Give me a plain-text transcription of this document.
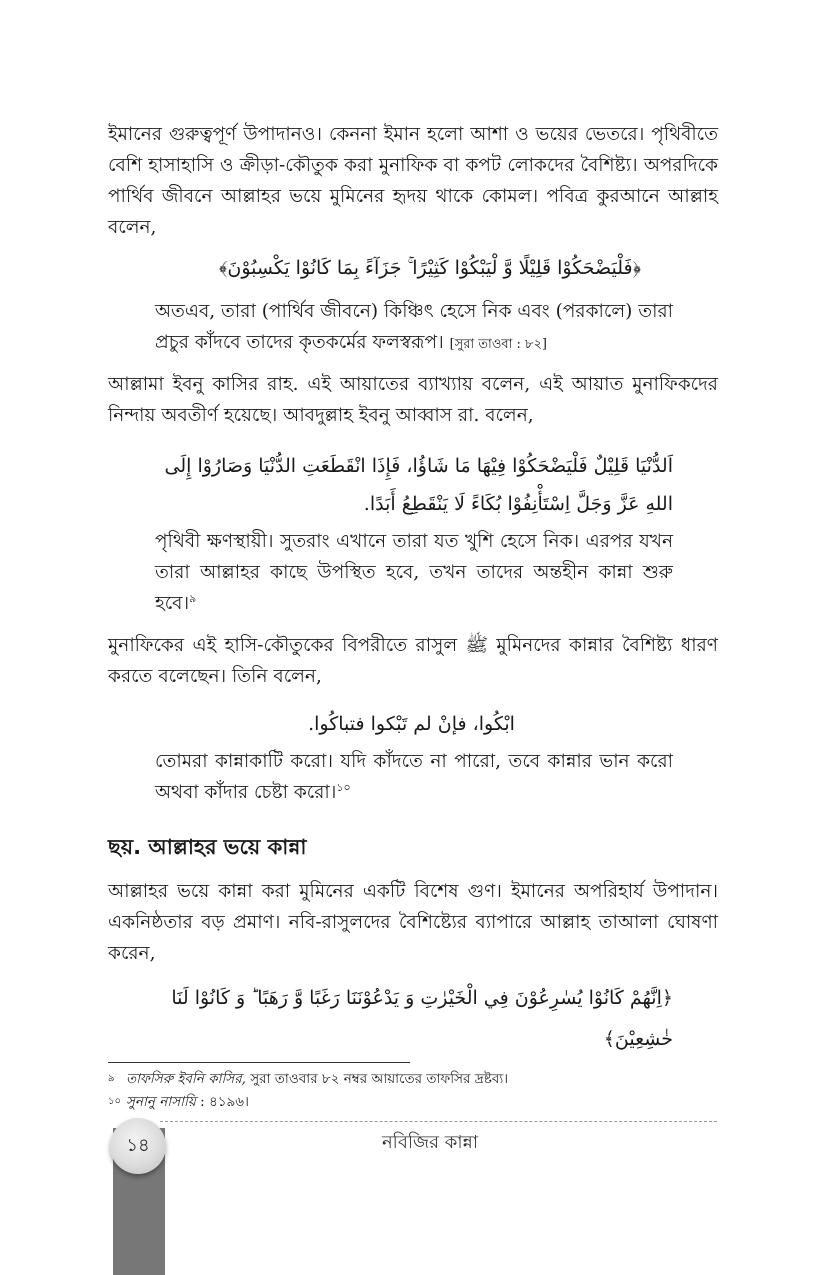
ইমানের গুরুত্বপূর্ণ উপাদানও। কেননা ইমান হলো আশা ও ভয়ের ভেতরে। পৃথিবীতে বেশি হাসাহাসি ও ক্রীড়া-কৌতুক করা মুনাফিক বা কপট লোকদের বৈশিষ্ট্য। অপরদিকে পার্থিব জীবনে আল্লাহর ভয়ে মুমিনের হৃদয় থাকে কোমল। পবিত্র কুরআনে আল্লাহ বলেন,

﴿فَلْيَضْحَكُوْا قَلِيْلًا وَّ لْيَبْكُوْا كَثِيْرًا ۚ جَزَآءً بِمَا كَانُوْا يَكْسِبُوْنَ﴾

অতএব, তারা (পার্থিব জীবনে) কিঞ্চিৎ হেসে নিক এবং (পরকালে) তারা প্রচুর কাঁদবে তাদের কৃতকর্মের ফলস্বরূপ। [সুরা তাওবা : ৮২]

আল্লামা ইবনু কাসির রাহ. এই আয়াতের ব্যাখ্যায় বলেন, এই আয়াত মুনাফিকদের নিন্দায় অবতীর্ণ হয়েছে। আবদুল্লাহ ইবনু আব্বাস রা. বলেন,

اَلدُّنْيَا قَلِيْلٌ فَلْيَضْحَكُوْا فِيْهَا مَا شَاؤُا، فَإِذَا انْقَطَعَتِ الدُّنْيَا وَصَارُوْا إِلَى

اللهِ عَزَّ وَجَلَّ اِسْتَأْنِفُوْا بُكَاءً لَا يَنْقَطِعُ أَبَدًا.

পৃথিবী ক্ষণস্থায়ী। সুতরাং এখানে তারা যত খুশি হেসে নিক। এরপর যখন তারা আল্লাহর কাছে উপস্থিত হবে, তখন তাদের অন্তহীন কান্না শুরু হবে।$^৯$

মুনাফিকের এই হাসি-কৌতুকের বিপরীতে রাসুল ﷺ মুমিনদের কান্নার বৈশিষ্ট্য ধারণ করতে বলেছেন। তিনি বলেন,

ابْكُوا، فإنْ لم تَبْكوا فتباكُوا.

তোমরা কান্নাকাটি করো। যদি কাঁদতে না পারো, তবে কান্নার ভান করো অথবা কাঁদার চেষ্টা করো।$^{১০}$

ছয়. আল্লাহর ভয়ে কান্না

আল্লাহর ভয়ে কান্না করা মুমিনের একটি বিশেষ গুণ। ইমানের অপরিহার্য উপাদান। একনিষ্ঠতার বড় প্রমাণ। নবি-রাসুলদের বৈশিষ্ট্যের ব্যাপারে আল্লাহ তাআলা ঘোষণা করেন,

﴿اِنَّهُمْ كَانُوْا يُسٰرِعُوْنَ فِي الْخَيْرٰتِ وَ يَدْعُوْنَنَا رَغَبًا وَّ رَهَبًا ؕ وَ كَانُوْا لَنَا

خٰشِعِيْنَ﴾

৯ তাফসিরু ইবনি কাসির, সুরা তাওবার ৮২ নম্বর আয়াতের তাফসির দ্রষ্টব্য।

১০ সুনানু নাসায়ি : ৪১৯৬।

১৪	নবিজির কান্না
